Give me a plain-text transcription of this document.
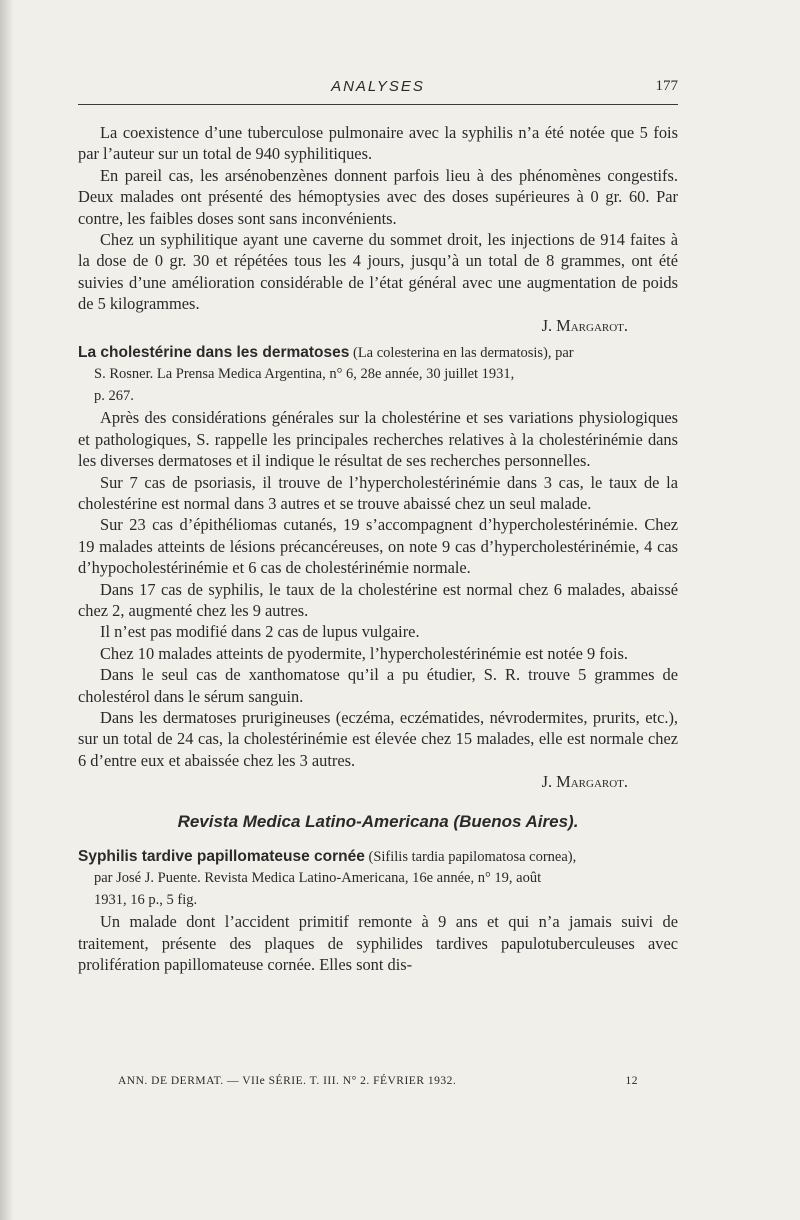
ANALYSES	177

La coexistence d’une tuberculose pulmonaire avec la syphilis n’a été notée que 5 fois par l’auteur sur un total de 940 syphilitiques.

En pareil cas, les arsénobenzènes donnent parfois lieu à des phénomènes congestifs. Deux malades ont présenté des hémoptysies avec des doses supérieures à 0 gr. 60. Par contre, les faibles doses sont sans inconvénients.

Chez un syphilitique ayant une caverne du sommet droit, les injections de 914 faites à la dose de 0 gr. 30 et répétées tous les 4 jours, jusqu’à un total de 8 grammes, ont été suivies d’une amélioration considérable de l’état général avec une augmentation de poids de 5 kilogrammes.

J. Margarot.

La cholestérine dans les dermatoses (La colesterina en las dermatosis), par

S. Rosner. La Prensa Medica Argentina, n° 6, 28e année, 30 juillet 1931,

p. 267.

Après des considérations générales sur la cholestérine et ses variations physiologiques et pathologiques, S. rappelle les principales recherches relatives à la cholestérinémie dans les diverses dermatoses et il indique le résultat de ses recherches personnelles.

Sur 7 cas de psoriasis, il trouve de l’hypercholestérinémie dans 3 cas, le taux de la cholestérine est normal dans 3 autres et se trouve abaissé chez un seul malade.

Sur 23 cas d’épithéliomas cutanés, 19 s’accompagnent d’hypercholestérinémie. Chez 19 malades atteints de lésions précancéreuses, on note 9 cas d’hypercholestérinémie, 4 cas d’hypocholestérinémie et 6 cas de cholestérinémie normale.

Dans 17 cas de syphilis, le taux de la cholestérine est normal chez 6 malades, abaissé chez 2, augmenté chez les 9 autres.

Il n’est pas modifié dans 2 cas de lupus vulgaire.

Chez 10 malades atteints de pyodermite, l’hypercholestérinémie est notée 9 fois.

Dans le seul cas de xanthomatose qu’il a pu étudier, S. R. trouve 5 grammes de cholestérol dans le sérum sanguin.

Dans les dermatoses prurigineuses (eczéma, eczématides, névrodermites, prurits, etc.), sur un total de 24 cas, la cholestérinémie est élevée chez 15 malades, elle est normale chez 6 d’entre eux et abaissée chez les 3 autres.

J. Margarot.

Revista Medica Latino-Americana (Buenos Aires).

Syphilis tardive papillomateuse cornée (Sifilis tardia papilomatosa cornea),

par José J. Puente. Revista Medica Latino-Americana, 16e année, n° 19, août

1931, 16 p., 5 fig.

Un malade dont l’accident primitif remonte à 9 ans et qui n’a jamais suivi de traitement, présente des plaques de syphilides tardives papulotuberculeuses avec prolifération papillomateuse cornée. Elles sont dis-

ANN. DE DERMAT. — VIIe SÉRIE. T. III. N° 2. FÉVRIER 1932.	12
